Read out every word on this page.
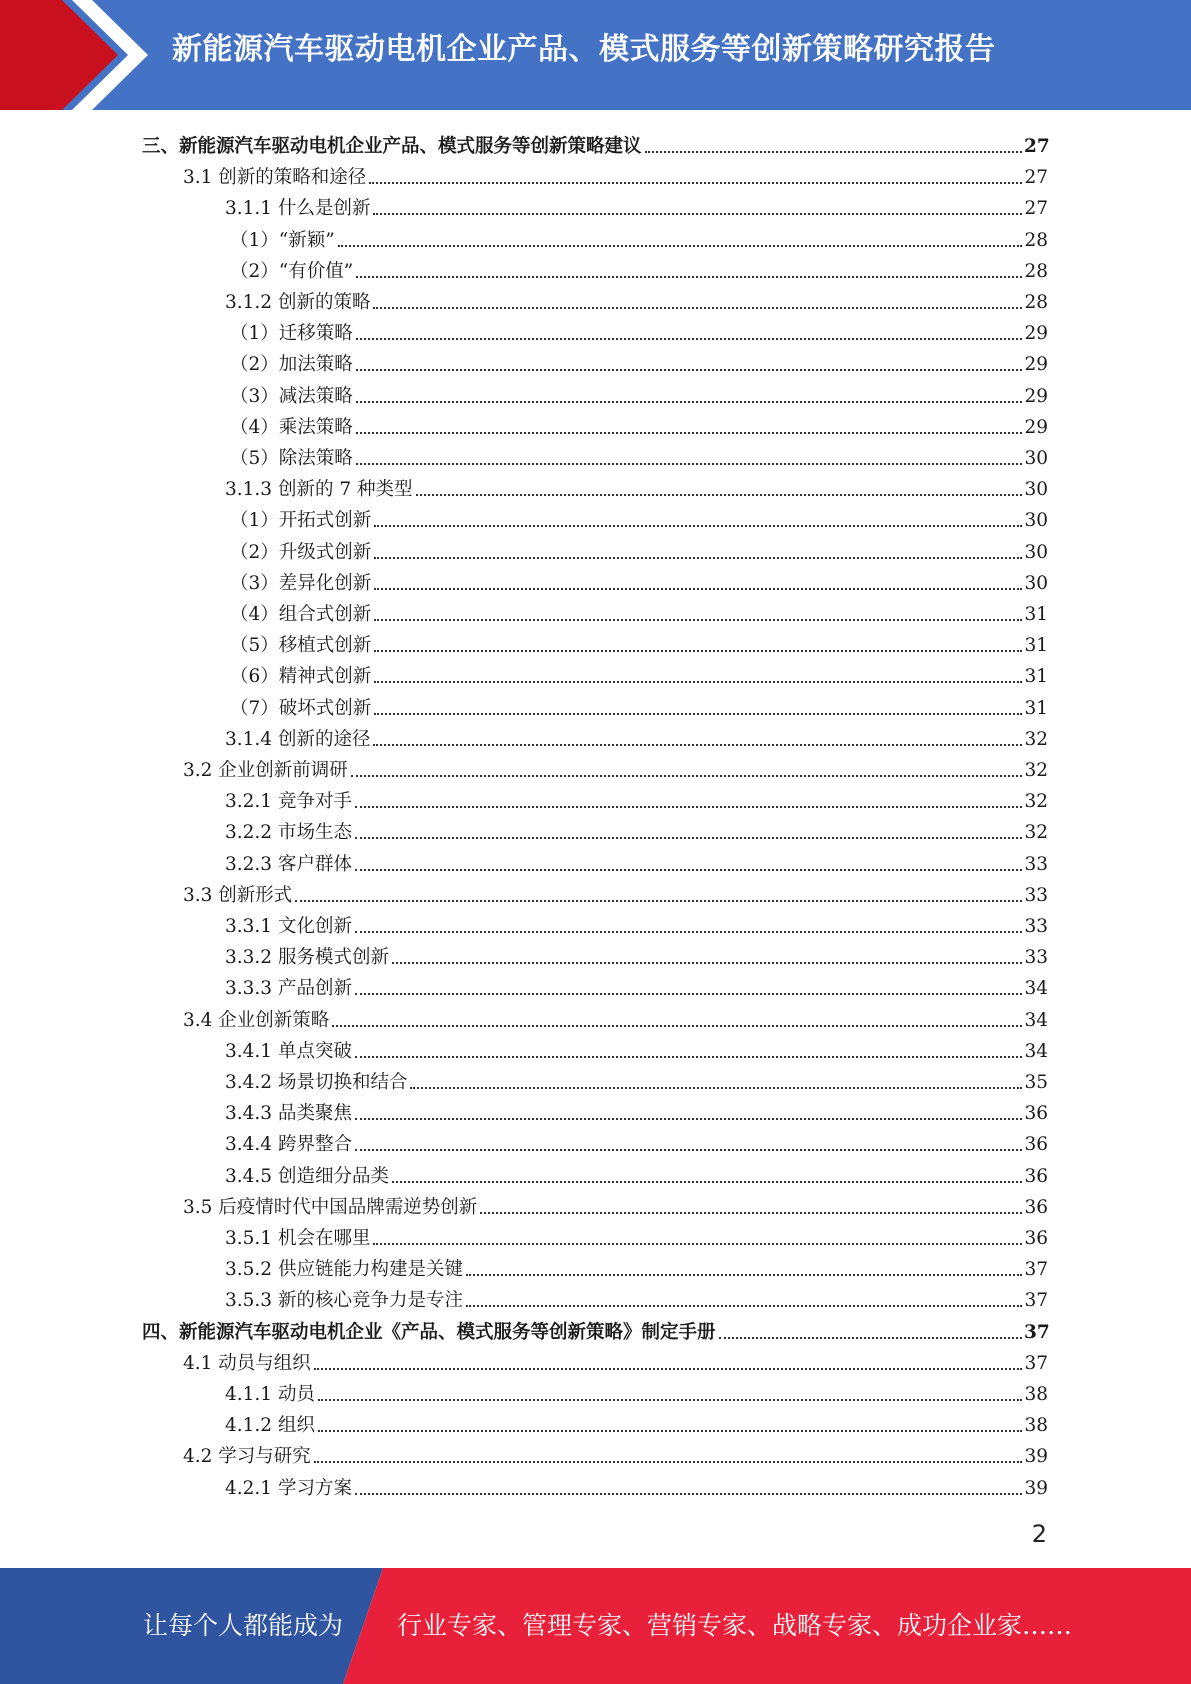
新能源汽车驱动电机企业产品、模式服务等创新策略研究报告
三、新能源汽车驱动电机企业产品、模式服务等创新策略建议	27
3.1 创新的策略和途径	27
3.1.1 什么是创新	27
（1）“新颖”	28
（2）“有价值”	28
3.1.2 创新的策略	28
（1）迁移策略	29
（2）加法策略	29
（3）减法策略	29
（4）乘法策略	29
（5）除法策略	30
3.1.3 创新的 7 种类型	30
（1）开拓式创新	30
（2）升级式创新	30
（3）差异化创新	30
（4）组合式创新	31
（5）移植式创新	31
（6）精神式创新	31
（7）破坏式创新	31
3.1.4 创新的途径	32
3.2 企业创新前调研	32
3.2.1 竞争对手	32
3.2.2 市场生态	32
3.2.3 客户群体	33
3.3 创新形式	33
3.3.1 文化创新	33
3.3.2 服务模式创新	33
3.3.3 产品创新	34
3.4 企业创新策略	34
3.4.1 单点突破	34
3.4.2 场景切换和结合	35
3.4.3 品类聚焦	36
3.4.4 跨界整合	36
3.4.5 创造细分品类	36
3.5 后疫情时代中国品牌需逆势创新	36
3.5.1 机会在哪里	36
3.5.2 供应链能力构建是关键	37
3.5.3 新的核心竞争力是专注	37
四、新能源汽车驱动电机企业《产品、模式服务等创新策略》制定手册	37
4.1 动员与组织	37
4.1.1 动员	38
4.1.2 组织	38
4.2 学习与研究	39
4.2.1 学习方案	39
2
让每个人都能成为 行业专家、管理专家、营销专家、战略专家、成功企业家……
